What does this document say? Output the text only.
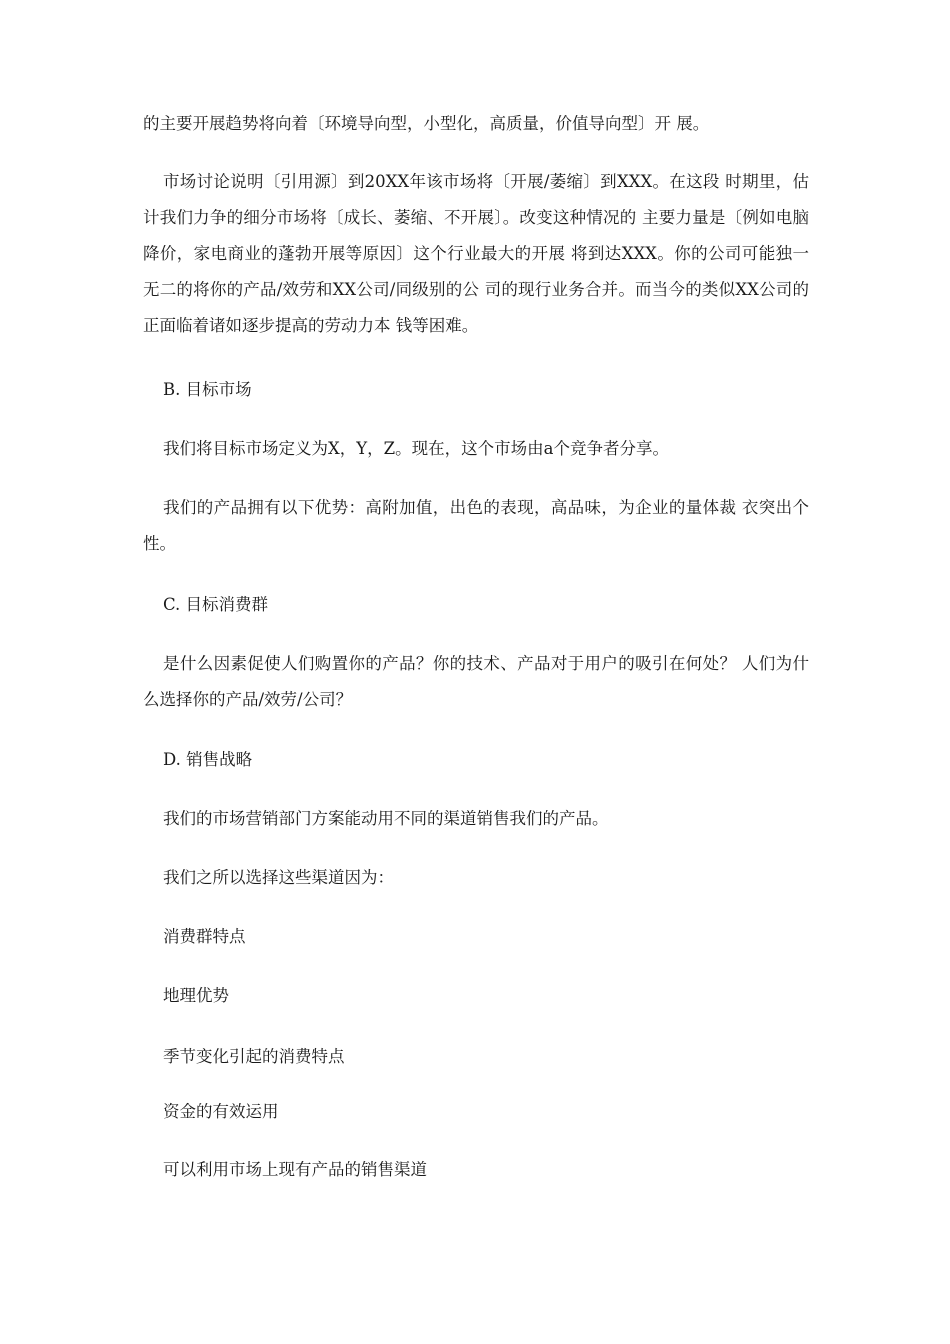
的主要开展趋势将向着〔环境导向型，小型化，高质量，价值导向型〕开 展。

市场讨论说明〔引用源〕到20XX年该市场将〔开展/萎缩〕到XXX。在这段 时期里，估计我们力争的细分市场将〔成长、萎缩、不开展〕。改变这种情况的 主要力量是〔例如电脑降价，家电商业的蓬勃开展等原因〕这个行业最大的开展 将到达XXX。你的公司可能独一无二的将你的产品/效劳和XX公司/同级别的公 司的现行业务合并。而当今的类似XX公司的正面临着诸如逐步提高的劳动力本 钱等困难。

B. 目标市场

我们将目标市场定义为X，Y，Z。现在，这个市场由a个竞争者分享。

我们的产品拥有以下优势：高附加值，出色的表现，高品味，为企业的量体裁 衣突出个性。

C. 目标消费群

是什么因素促使人们购置你的产品？你的技术、产品对于用户的吸引在何处？ 人们为什么选择你的产品/效劳/公司？

D. 销售战略

我们的市场营销部门方案能动用不同的渠道销售我们的产品。

我们之所以选择这些渠道因为：

消费群特点

地理优势

季节变化引起的消费特点

资金的有效运用

可以利用市场上现有产品的销售渠道
